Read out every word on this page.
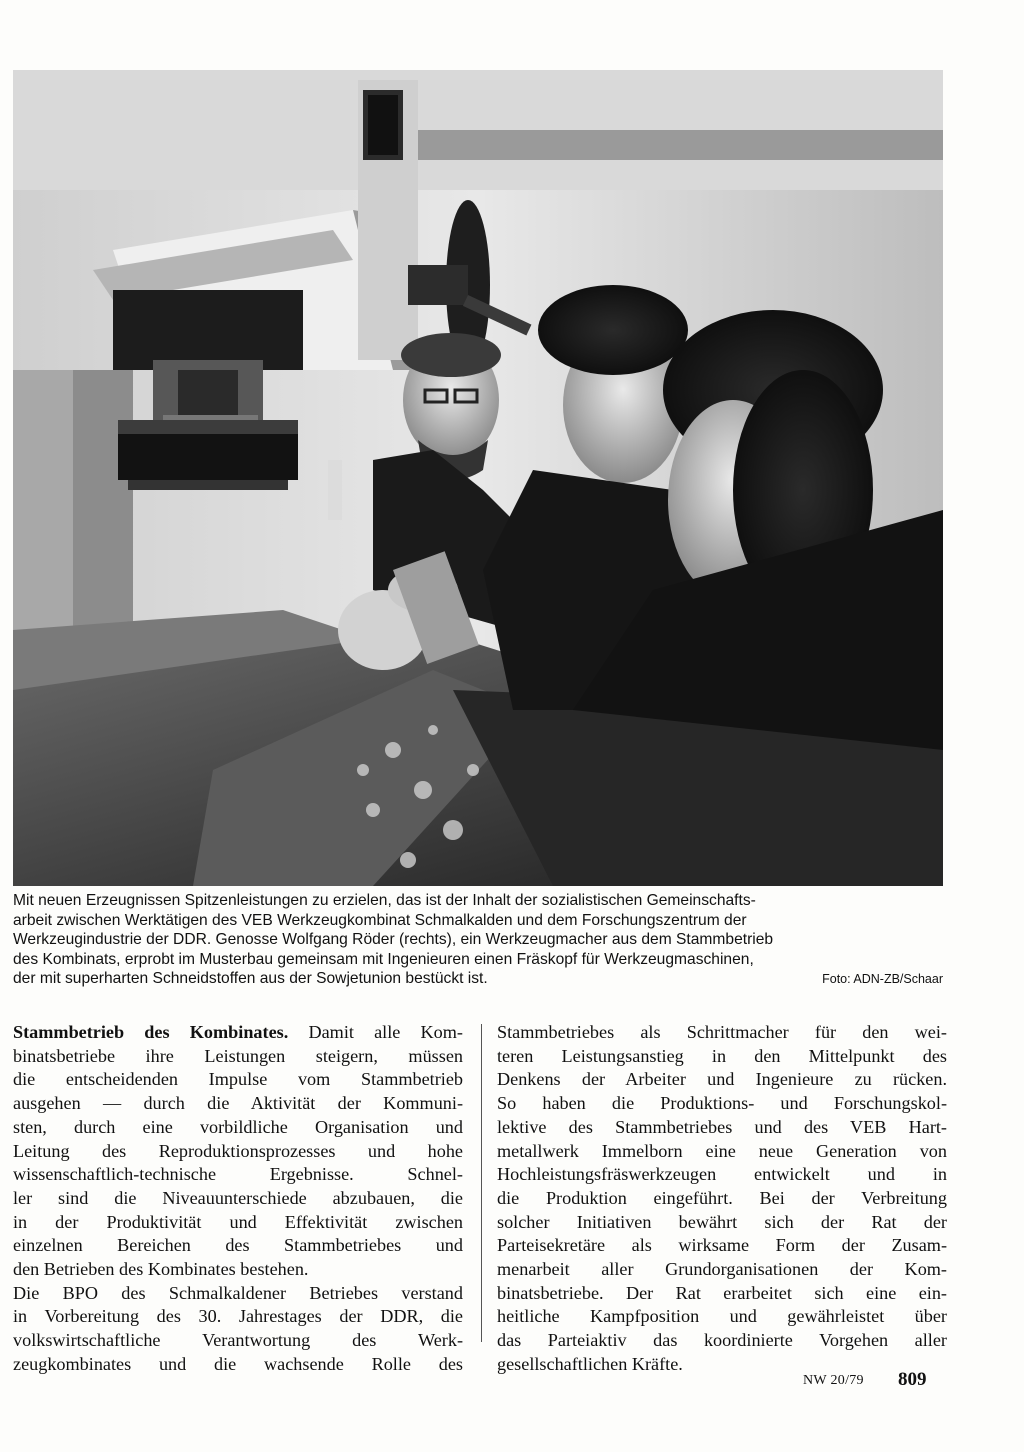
Mit neuen Erzeugnissen Spitzenleistungen zu erzielen, das ist der Inhalt der sozialistischen Gemeinschafts-
arbeit zwischen Werktätigen des VEB Werkzeugkombinat Schmalkalden und dem Forschungszentrum der
Werkzeugindustrie der DDR. Genosse Wolfgang Röder (rechts), ein Werkzeugmacher aus dem Stammbetrieb
des Kombinats, erprobt im Musterbau gemeinsam mit Ingenieuren einen Fräskopf für Werkzeugmaschinen,
der mit superharten Schneidstoffen aus der Sowjetunion bestückt ist.	Foto: ADN-ZB/Schaar

Stammbetrieb des Kombinates. Damit alle Kom-
binatsbetriebe ihre Leistungen steigern, müssen
die entscheidenden Impulse vom Stammbetrieb
ausgehen — durch die Aktivität der Kommuni-
sten, durch eine vorbildliche Organisation und
Leitung des Reproduktionsprozesses und hohe
wissenschaftlich-technische Ergebnisse. Schnel-
ler sind die Niveauunterschiede abzubauen, die
in der Produktivität und Effektivität zwischen
einzelnen Bereichen des Stammbetriebes und
den Betrieben des Kombinates bestehen.
Die BPO des Schmalkaldener Betriebes verstand
in Vorbereitung des 30. Jahrestages der DDR, die
volkswirtschaftliche Verantwortung des Werk-
zeugkombinates und die wachsende Rolle des

Stammbetriebes als Schrittmacher für den wei-
teren Leistungsanstieg in den Mittelpunkt des
Denkens der Arbeiter und Ingenieure zu rücken.
So haben die Produktions- und Forschungskol-
lektive des Stammbetriebes und des VEB Hart-
metallwerk Immelborn eine neue Generation von
Hochleistungsfräswerkzeugen entwickelt und in
die Produktion eingeführt. Bei der Verbreitung
solcher Initiativen bewährt sich der Rat der
Parteisekretäre als wirksame Form der Zusam-
menarbeit aller Grundorganisationen der Kom-
binatsbetriebe. Der Rat erarbeitet sich eine ein-
heitliche Kampfposition und gewährleistet über
das Parteiaktiv das koordinierte Vorgehen aller
gesellschaftlichen Kräfte.

NW 20/79 809
